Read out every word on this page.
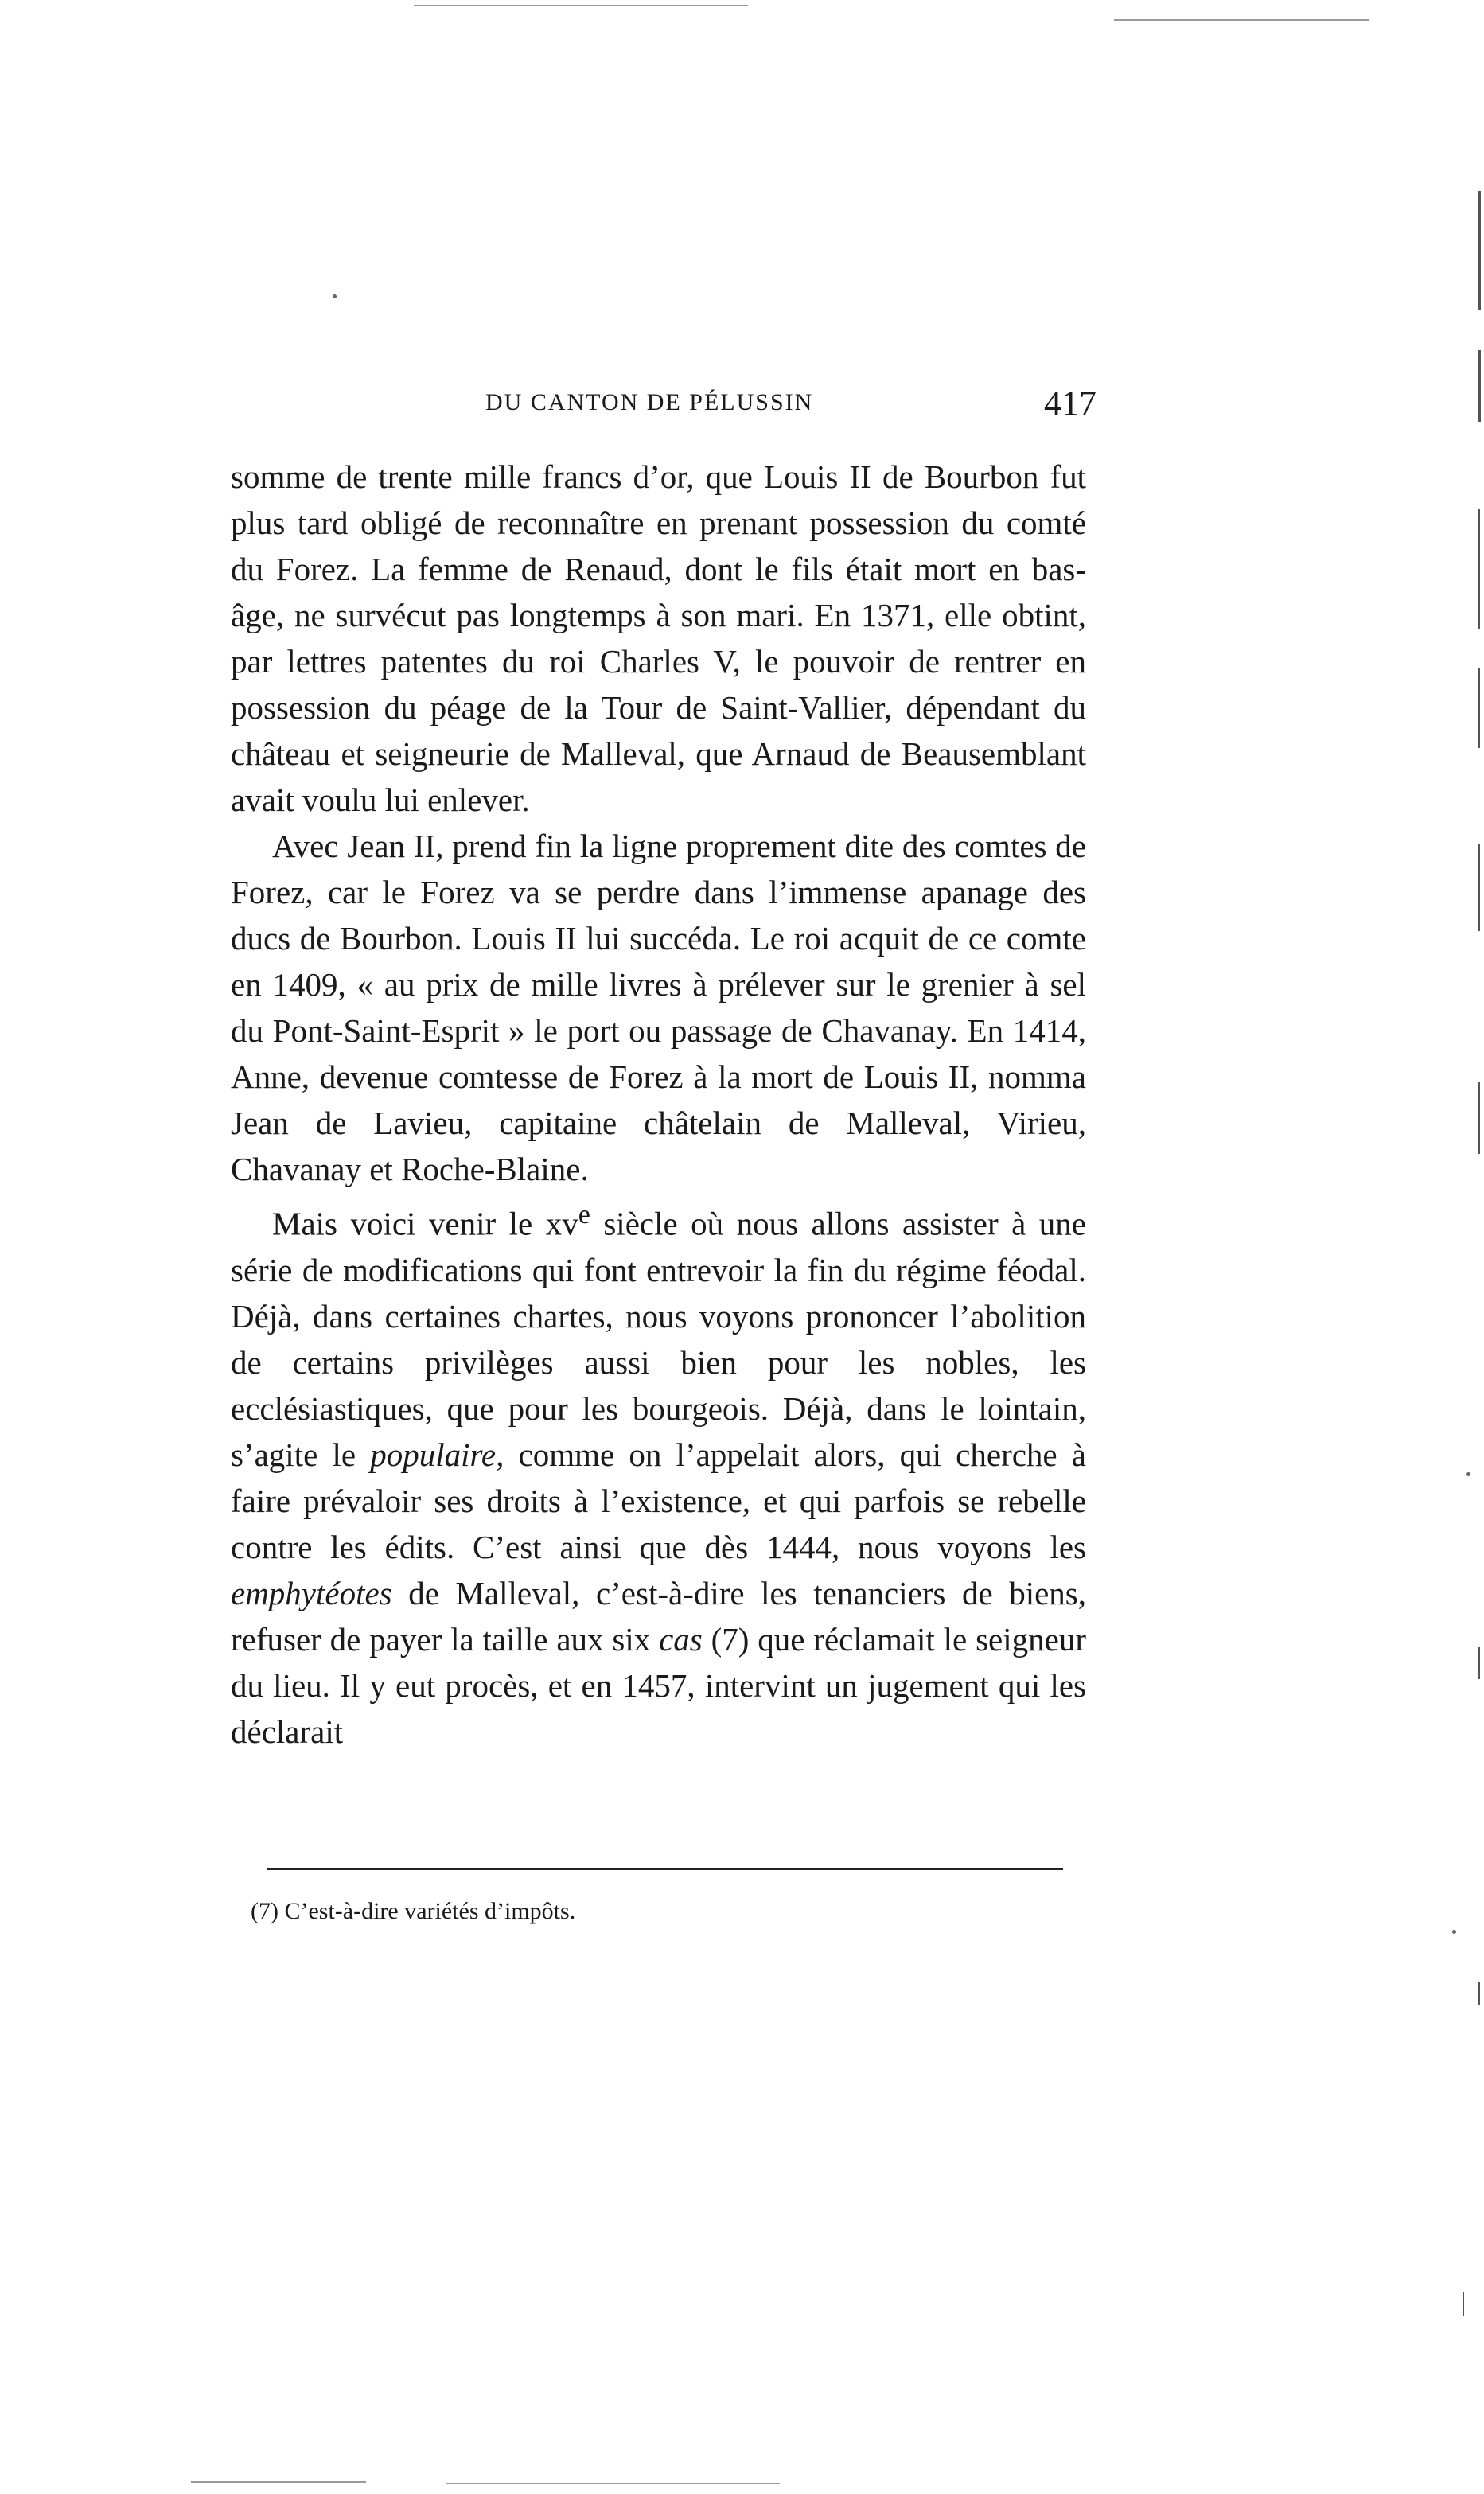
DU CANTON DE PÉLUSSIN	417

somme de trente mille francs d’or, que Louis II de Bourbon fut plus tard obligé de reconnaître en prenant possession du comté du Forez. La femme de Renaud, dont le fils était mort en bas-âge, ne survécut pas longtemps à son mari. En 1371, elle obtint, par lettres patentes du roi Charles V, le pouvoir de rentrer en possession du péage de la Tour de Saint-Vallier, dépendant du château et seigneurie de Malleval, que Arnaud de Beausemblant avait voulu lui enlever.

Avec Jean II, prend fin la ligne proprement dite des comtes de Forez, car le Forez va se perdre dans l’immense apanage des ducs de Bourbon. Louis II lui succéda. Le roi acquit de ce comte en 1409, « au prix de mille livres à prélever sur le grenier à sel du Pont-Saint-Esprit » le port ou passage de Chavanay. En 1414, Anne, devenue comtesse de Forez à la mort de Louis II, nomma Jean de Lavieu, capitaine châtelain de Malleval, Virieu, Chavanay et Roche-Blaine.

Mais voici venir le $xv^e$ siècle où nous allons assister à une série de modifications qui font entrevoir la fin du régime féodal. Déjà, dans certaines chartes, nous voyons prononcer l’abolition de certains privilèges aussi bien pour les nobles, les ecclésiastiques, que pour les bourgeois. Déjà, dans le lointain, s’agite le populaire, comme on l’appelait alors, qui cherche à faire prévaloir ses droits à l’existence, et qui parfois se rebelle contre les édits. C’est ainsi que dès 1444, nous voyons les emphytéotes de Malleval, c’est-à-dire les tenanciers de biens, refuser de payer la taille aux six cas (7) que réclamait le seigneur du lieu. Il y eut procès, et en 1457, intervint un jugement qui les déclarait

(7) C’est-à-dire variétés d’impôts.
